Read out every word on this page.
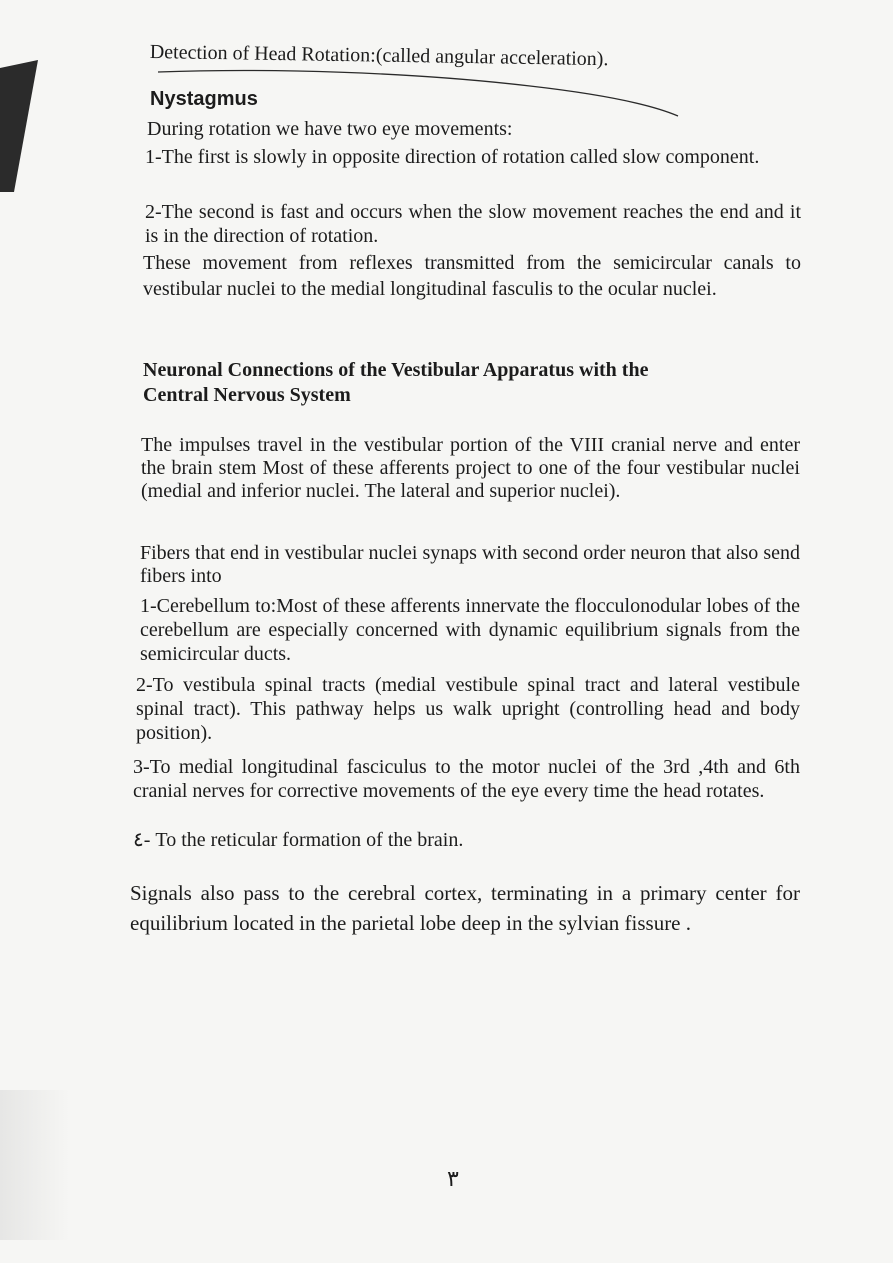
Detection of Head Rotation:(called angular acceleration).

Nystagmus

During rotation we have two eye movements:

1-The first is slowly in opposite direction of rotation called slow component.

2-The second is fast and occurs when the slow movement reaches the end and it is in the direction of rotation.

These movement from reflexes transmitted from the semicircular canals to vestibular nuclei to the medial longitudinal fasculis to the ocular nuclei.

Neuronal Connections of the Vestibular Apparatus with the
Central Nervous System

The impulses travel in the vestibular portion of the VIII cranial nerve and enter the brain stem Most of these afferents project to one of the four vestibular nuclei (medial and inferior nuclei. The lateral and superior nuclei).

Fibers that end in vestibular nuclei synaps with second order neuron that also send fibers into

1-Cerebellum to:Most of these afferents innervate the flocculonodular lobes of the cerebellum are especially concerned with dynamic equilibrium signals from the semicircular ducts.

2-To vestibula spinal tracts (medial vestibule spinal tract and lateral vestibule spinal tract). This pathway helps us walk upright (controlling head and body position).

3-To medial longitudinal fasciculus to the motor nuclei of the 3rd ,4th and 6th cranial nerves for corrective movements of the eye every time the head rotates.

٤- To the reticular formation of the brain.

Signals also pass to the cerebral cortex, terminating in a primary center for equilibrium located in the parietal lobe deep in the sylvian fissure .

٣
